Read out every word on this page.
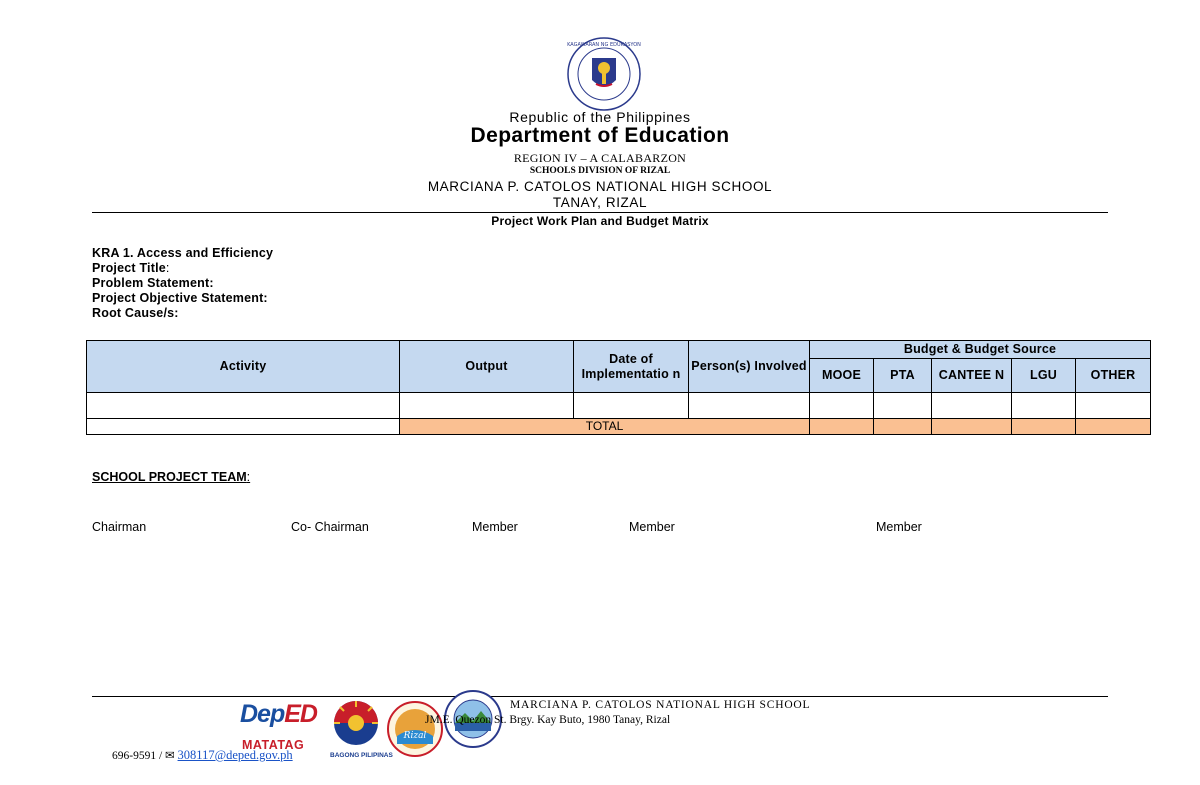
KAGAWARAN NG EDUKASYON
Republic of the Philippines
Department of Education
REGION IV – A CALABARZON
SCHOOLS DIVISION OF RIZAL
MARCIANA P. CATOLOS NATIONAL HIGH SCHOOL
TANAY, RIZAL
Project Work Plan and Budget Matrix
KRA 1. Access and Efficiency
Project Title:
Problem Statement:
Project Objective Statement:
Root Cause/s:
Activity	Output	Date of Implementatio n	Person(s) Involved	Budget & Budget Source				
				MOOE	PTA	CANTEE N	LGU	OTHER

	TOTAL							
SCHOOL PROJECT TEAM:
Chairman	Co- Chairman	Member	Member	Member
DepED
MATATAG
BAGONG PILIPINAS
Rizal
MARCIANA P. CATOLOS NATIONAL HIGH SCHOOL
JM.E. Quezon St. Brgy. Kay Buto, 1980 Tanay, Rizal
696-9591 / ✉ 308117@deped.gov.ph
